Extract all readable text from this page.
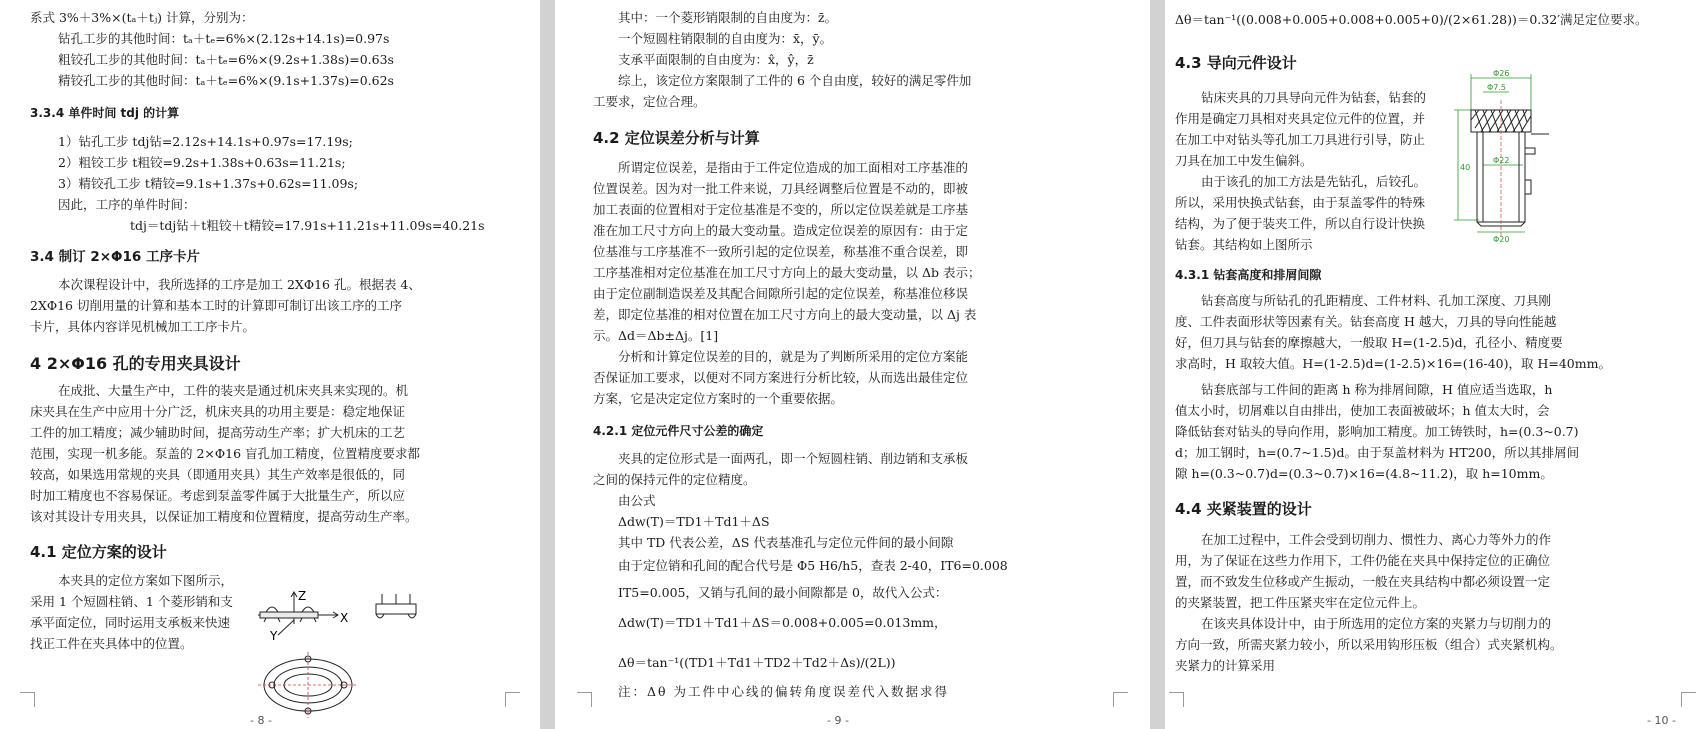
系式 3%＋3%×(tₐ＋tⱼ) 计算，分别为：
钻孔工步的其他时间：tₐ＋tₑ=6%×(2.12s+14.1s)=0.97s
粗铰孔工步的其他时间：tₐ＋tₑ=6%×(9.2s+1.38s)=0.63s
精铰孔工步的其他时间：tₐ＋tₑ=6%×(9.1s+1.37s)=0.62s
3.3.4 单件时间 tdj 的计算
1）钻孔工步 tdj钻=2.12s+14.1s+0.97s=17.19s;
2）粗铰工步 t粗铰=9.2s+1.38s+0.63s=11.21s;
3）精铰孔工步 t精铰=9.1s+1.37s+0.62s=11.09s;
因此，工序的单件时间：
tdj＝tdj钻＋t粗铰＋t精铰=17.91s+11.21s+11.09s=40.21s
3.4 制订 2×Φ16 工序卡片
本次课程设计中，我所选择的工序是加工 2XΦ16 孔。根据表 4、
2XΦ16 切削用量的计算和基本工时的计算即可制订出该工序的工序
卡片，具体内容详见机械加工工序卡片。
4 2×Φ16 孔的专用夹具设计
在成批、大量生产中，工件的装夹是通过机床夹具来实现的。机
床夹具在生产中应用十分广泛，机床夹具的功用主要是：稳定地保证
工件的加工精度；减少辅助时间，提高劳动生产率；扩大机床的工艺
范围，实现一机多能。泵盖的 2×Φ16 盲孔加工精度，位置精度要求都
较高，如果选用常规的夹具（即通用夹具）其生产效率是很低的，同
时加工精度也不容易保证。考虑到泵盖零件属于大批量生产，所以应
该对其设计专用夹具，以保证加工精度和位置精度，提高劳动生产率。
4.1 定位方案的设计
本夹具的定位方案如下图所示，
采用 1 个短圆柱销、1 个菱形销和支
承平面定位，同时运用支承板来快速
找正工件在夹具体中的位置。
Z
X
Y
- 8 -
其中：一个菱形销限制的自由度为：z̄。
一个短圆柱销限制的自由度为：x̄，ȳ。
支承平面限制的自由度为：x̂，ŷ，z̄
综上，该定位方案限制了工件的 6 个自由度，较好的满足零件加
工要求，定位合理。
4.2 定位误差分析与计算
所谓定位误差，是指由于工件定位造成的加工面相对工序基准的
位置误差。因为对一批工件来说，刀具经调整后位置是不动的，即被
加工表面的位置相对于定位基准是不变的，所以定位误差就是工序基
准在加工尺寸方向上的最大变动量。造成定位误差的原因有：由于定
位基准与工序基准不一致所引起的定位误差，称基准不重合误差，即
工序基准相对定位基准在加工尺寸方向上的最大变动量，以 Δb 表示；
由于定位副制造误差及其配合间隙所引起的定位误差，称基准位移误
差，即定位基准的相对位置在加工尺寸方向上的最大变动量，以 Δj 表
示。Δd＝Δb±Δj。[1]
分析和计算定位误差的目的，就是为了判断所采用的定位方案能
否保证加工要求，以便对不同方案进行分析比较，从而选出最佳定位
方案，它是决定定位方案时的一个重要依据。
4.2.1 定位元件尺寸公差的确定
夹具的定位形式是一面两孔，即一个短圆柱销、削边销和支承板
之间的保持元件的定位精度。
由公式
Δdw(T)＝TD1＋Td1＋ΔS
其中 TD 代表公差，ΔS 代表基准孔与定位元件间的最小间隙
由于定位销和孔间的配合代号是 Φ5 H6/h5，查表 2-40，IT6=0.008
IT5=0.005，又销与孔间的最小间隙都是 0，故代入公式：
Δdw(T)＝TD1＋Td1＋ΔS＝0.008+0.005=0.013mm，
Δθ＝tan⁻¹((TD1＋Td1＋TD2＋Td2＋Δs)/(2L))
注：Δθ 为工件中心线的偏转角度误差代入数据求得
- 9 -
Δθ＝tan⁻¹((0.008+0.005+0.008+0.005+0)/(2×61.28))＝0.32′满足定位要求。
4.3 导向元件设计
钻床夹具的刀具导向元件为钻套，钻套的
作用是确定刀具相对夹具定位元件的位置，并
在加工中对钻头等孔加工刀具进行引导，防止
刀具在加工中发生偏斜。
由于该孔的加工方法是先钻孔，后铰孔。
所以，采用快换式钻套，由于泵盖零件的特殊
结构，为了便于装夹工件，所以自行设计快换
钻套。其结构如上图所示
Φ26
Φ7.5
Φ22
Φ20
40
4.3.1 钻套高度和排屑间隙
钻套高度与所钻孔的孔距精度、工件材料、孔加工深度、刀具刚
度、工件表面形状等因素有关。钻套高度 H 越大，刀具的导向性能越
好，但刀具与钻套的摩擦越大，一般取 H=(1-2.5)d，孔径小、精度要
求高时，H 取较大值。H=(1-2.5)d=(1-2.5)×16=(16-40)，取 H=40mm。
钻套底部与工件间的距离 h 称为排屑间隙，H 值应适当选取，h
值太小时，切屑难以自由排出，使加工表面被破坏；h 值太大时，会
降低钻套对钻头的导向作用，影响加工精度。加工铸铁时，h=(0.3~0.7)
d；加工钢时，h=(0.7~1.5)d。由于泵盖材料为 HT200，所以其排屑间
隙 h=(0.3~0.7)d=(0.3~0.7)×16=(4.8~11.2)，取 h=10mm。
4.4 夹紧装置的设计
在加工过程中，工件会受到切削力、惯性力、离心力等外力的作
用，为了保证在这些力作用下，工件仍能在夹具中保持定位的正确位
置，而不致发生位移或产生振动，一般在夹具结构中都必须设置一定
的夹紧装置，把工件压紧夹牢在定位元件上。
在该夹具体设计中，由于所选用的定位方案的夹紧力与切削力的
方向一致，所需夹紧力较小，所以采用钩形压板（组合）式夹紧机构。
夹紧力的计算采用
- 10 -
